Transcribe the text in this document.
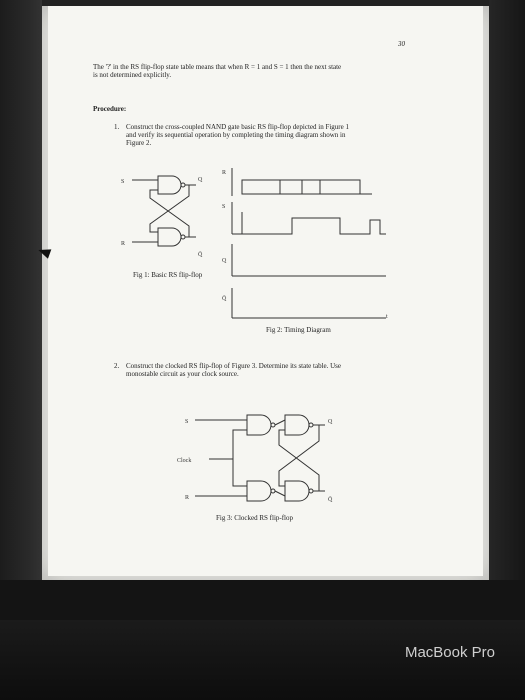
30
The '?' in the RS flip-flop state table means that when R = 1 and S = 1 then the next state
is not determined explicitly.
Procedure:
1. Construct the cross-coupled NAND gate basic RS flip-flop depicted in Figure 1
and verify its sequential operation by completing the timing diagram shown in
Figure 2.
S
R
Q
Q̄
Fig 1: Basic RS flip-flop
R
S
Q
Q̄
t
Fig 2: Timing Diagram
2. Construct the clocked RS flip-flop of Figure 3. Determine its state table. Use
monostable circuit as your clock source.
S
Clock
R
Q
Q̄
Fig 3: Clocked RS flip-flop
MacBook Pro
